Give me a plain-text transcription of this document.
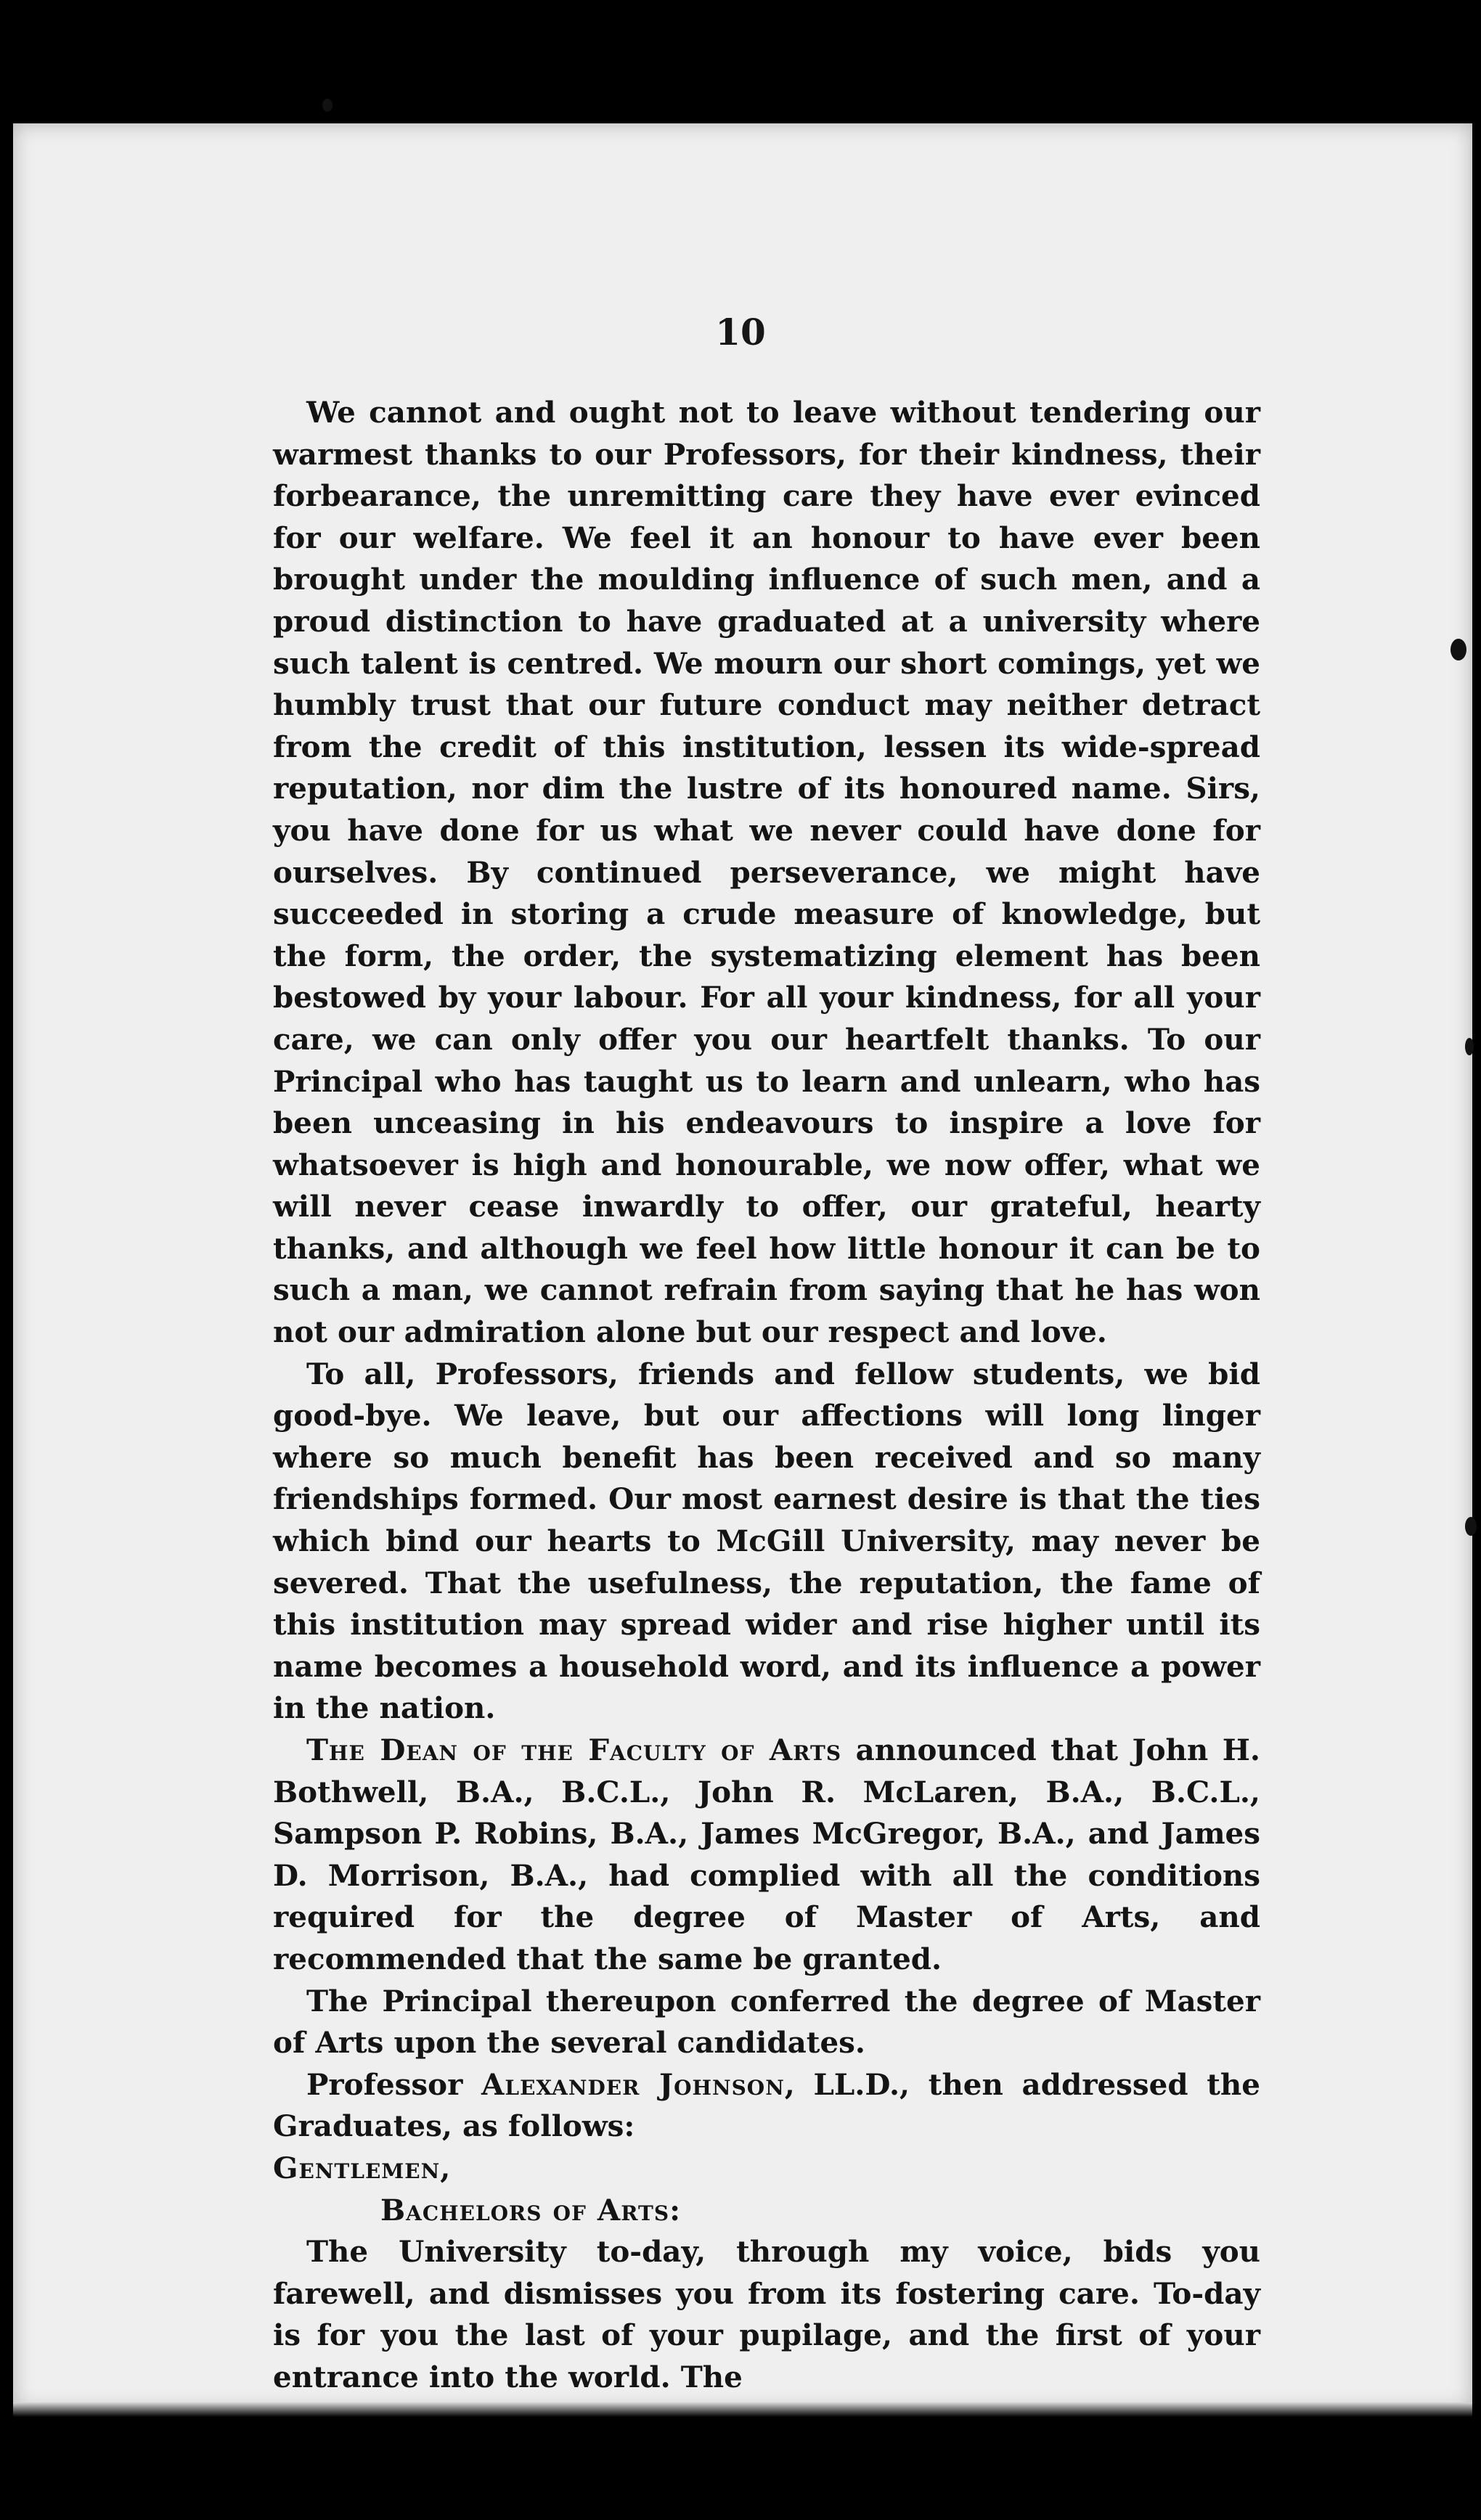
10

We cannot and ought not to leave without tendering our warmest thanks to our Professors, for their kindness, their forbearance, the unremitting care they have ever evinced for our welfare. We feel it an honour to have ever been brought under the moulding influence of such men, and a proud distinction to have graduated at a university where such talent is centred. We mourn our short comings, yet we humbly trust that our future conduct may neither detract from the credit of this institution, lessen its wide-spread reputation, nor dim the lustre of its honoured name. Sirs, you have done for us what we never could have done for ourselves. By continued perseverance, we might have succeeded in storing a crude measure of knowledge, but the form, the order, the systematizing element has been bestowed by your labour. For all your kindness, for all your care, we can only offer you our heartfelt thanks. To our Principal who has taught us to learn and unlearn, who has been unceasing in his endeavours to inspire a love for whatsoever is high and honourable, we now offer, what we will never cease inwardly to offer, our grateful, hearty thanks, and although we feel how little honour it can be to such a man, we cannot refrain from saying that he has won not our admiration alone but our respect and love.

To all, Professors, friends and fellow students, we bid good-bye. We leave, but our affections will long linger where so much benefit has been received and so many friendships formed. Our most earnest desire is that the ties which bind our hearts to McGill University, may never be severed. That the usefulness, the reputation, the fame of this institution may spread wider and rise higher until its name becomes a household word, and its influence a power in the nation.

The Dean of the Faculty of Arts announced that John H. Bothwell, B.A., B.C.L., John R. McLaren, B.A., B.C.L., Sampson P. Robins, B.A., James McGregor, B.A., and James D. Morrison, B.A., had complied with all the conditions required for the degree of Master of Arts, and recommended that the same be granted.

The Principal thereupon conferred the degree of Master of Arts upon the several candidates.

Professor Alexander Johnson, LL.D., then addressed the Graduates, as follows:

Gentlemen,

Bachelors of Arts:

The University to-day, through my voice, bids you farewell, and dismisses you from its fostering care. To-day is for you the last of your pupilage, and the first of your entrance into the world. The
